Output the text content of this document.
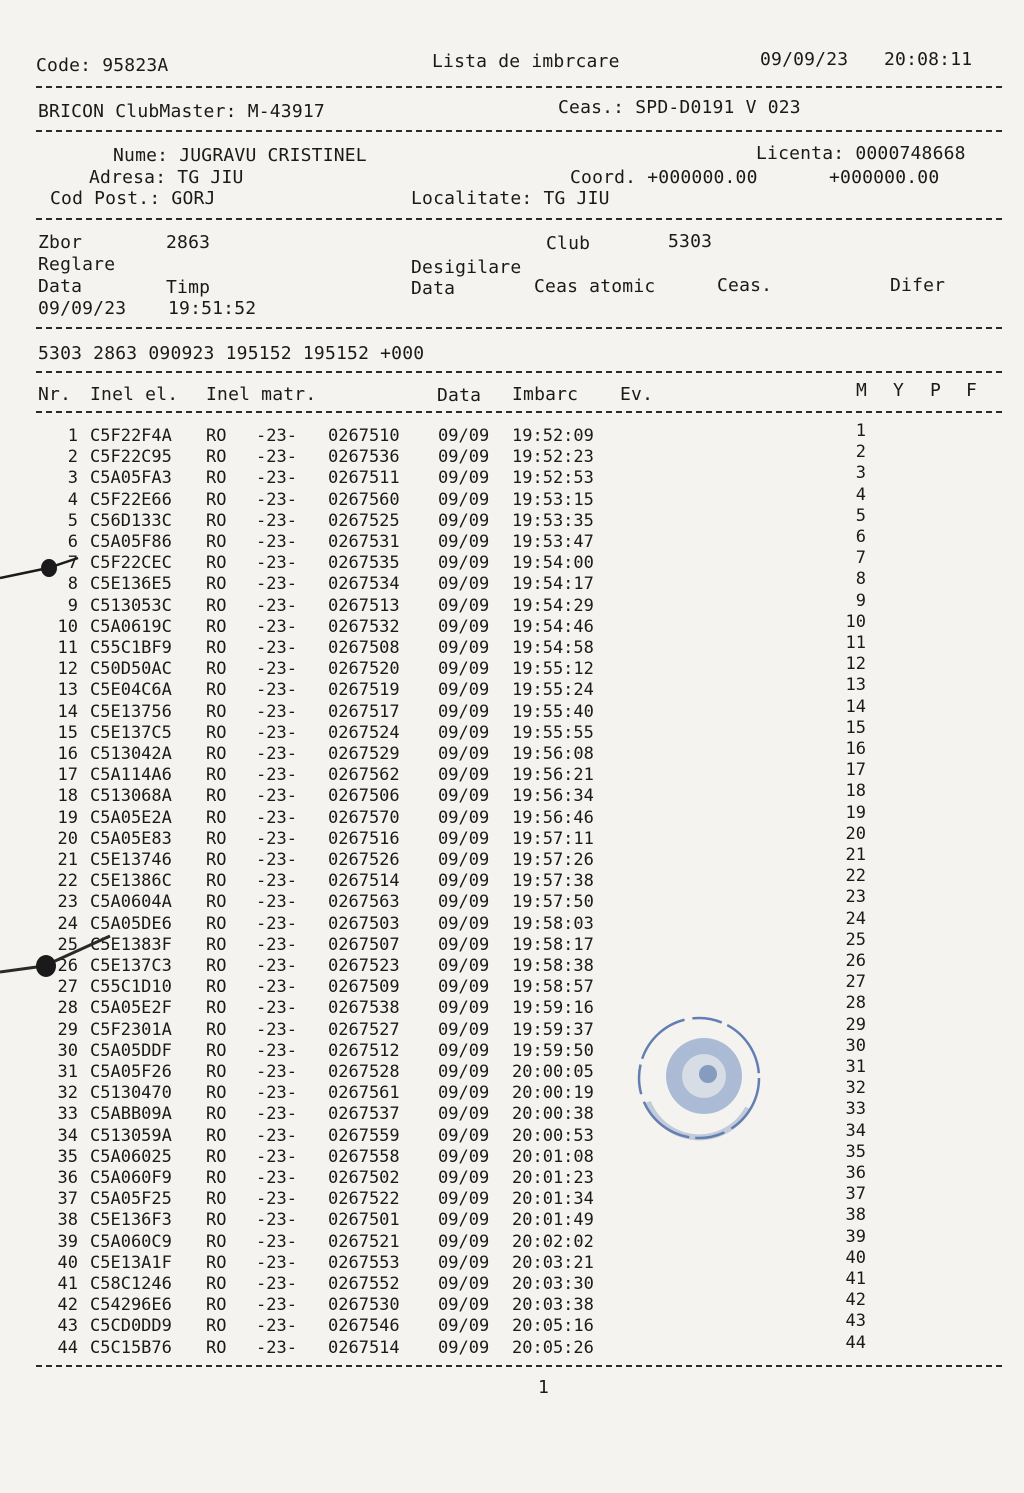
Code: 95823A	Lista de imbrcare	09/09/23 20:08:11
BRICON ClubMaster: M-43917	Ceas.: SPD-D0191 V 023
Nume: JUGRAVU CRISTINEL	Licenta: 0000748668
Adresa: TG JIU	Coord. +000000.00	+000000.00
Cod Post.: GORJ	Localitate: TG JIU
Zbor	2863	Club	5303
Reglare	Desigilare
Data	Timp	Data	Ceas atomic	Ceas.	Difer
09/09/23 19:51:52
5303 2863 090923 195152 195152 +000
Nr. Inel el. Inel matr.	Data Imbarc Ev.	M Y P F
1 C5F22F4A RO -23- 0267510 09/09 19:52:09	1
2 C5F22C95 RO -23- 0267536 09/09 19:52:23	2
3 C5A05FA3 RO -23- 0267511 09/09 19:52:53	3
4 C5F22E66 RO -23- 0267560 09/09 19:53:15	4
5 C56D133C RO -23- 0267525 09/09 19:53:35	5
6 C5A05F86 RO -23- 0267531 09/09 19:53:47	6
7 C5F22CEC RO -23- 0267535 09/09 19:54:00	7
8 C5E136E5 RO -23- 0267534 09/09 19:54:17	8
9 C513053C RO -23- 0267513 09/09 19:54:29	9
10 C5A0619C RO -23- 0267532 09/09 19:54:46	10
11 C55C1BF9 RO -23- 0267508 09/09 19:54:58	11
12 C50D50AC RO -23- 0267520 09/09 19:55:12	12
13 C5E04C6A RO -23- 0267519 09/09 19:55:24	13
14 C5E13756 RO -23- 0267517 09/09 19:55:40	14
15 C5E137C5 RO -23- 0267524 09/09 19:55:55	15
16 C513042A RO -23- 0267529 09/09 19:56:08	16
17 C5A114A6 RO -23- 0267562 09/09 19:56:21	17
18 C513068A RO -23- 0267506 09/09 19:56:34	18
19 C5A05E2A RO -23- 0267570 09/09 19:56:46	19
20 C5A05E83 RO -23- 0267516 09/09 19:57:11	20
21 C5E13746 RO -23- 0267526 09/09 19:57:26	21
22 C5E1386C RO -23- 0267514 09/09 19:57:38	22
23 C5A0604A RO -23- 0267563 09/09 19:57:50	23
24 C5A05DE6 RO -23- 0267503 09/09 19:58:03	24
25 C5E1383F RO -23- 0267507 09/09 19:58:17	25
26 C5E137C3 RO -23- 0267523 09/09 19:58:38	26
27 C55C1D10 RO -23- 0267509 09/09 19:58:57	27
28 C5A05E2F RO -23- 0267538 09/09 19:59:16	28
29 C5F2301A RO -23- 0267527 09/09 19:59:37	29
30 C5A05DDF RO -23- 0267512 09/09 19:59:50	30
31 C5A05F26 RO -23- 0267528 09/09 20:00:05	31
32 C5130470 RO -23- 0267561 09/09 20:00:19	32
33 C5ABB09A RO -23- 0267537 09/09 20:00:38	33
34 C513059A RO -23- 0267559 09/09 20:00:53	34
35 C5A06025 RO -23- 0267558 09/09 20:01:08	35
36 C5A060F9 RO -23- 0267502 09/09 20:01:23	36
37 C5A05F25 RO -23- 0267522 09/09 20:01:34	37
38 C5E136F3 RO -23- 0267501 09/09 20:01:49	38
39 C5A060C9 RO -23- 0267521 09/09 20:02:02	39
40 C5E13A1F RO -23- 0267553 09/09 20:03:21	40
41 C58C1246 RO -23- 0267552 09/09 20:03:30	41
42 C54296E6 RO -23- 0267530 09/09 20:03:38	42
43 C5CD0DD9 RO -23- 0267546 09/09 20:05:16	43
44 C5C15B76 RO -23- 0267514 09/09 20:05:26	44
1
